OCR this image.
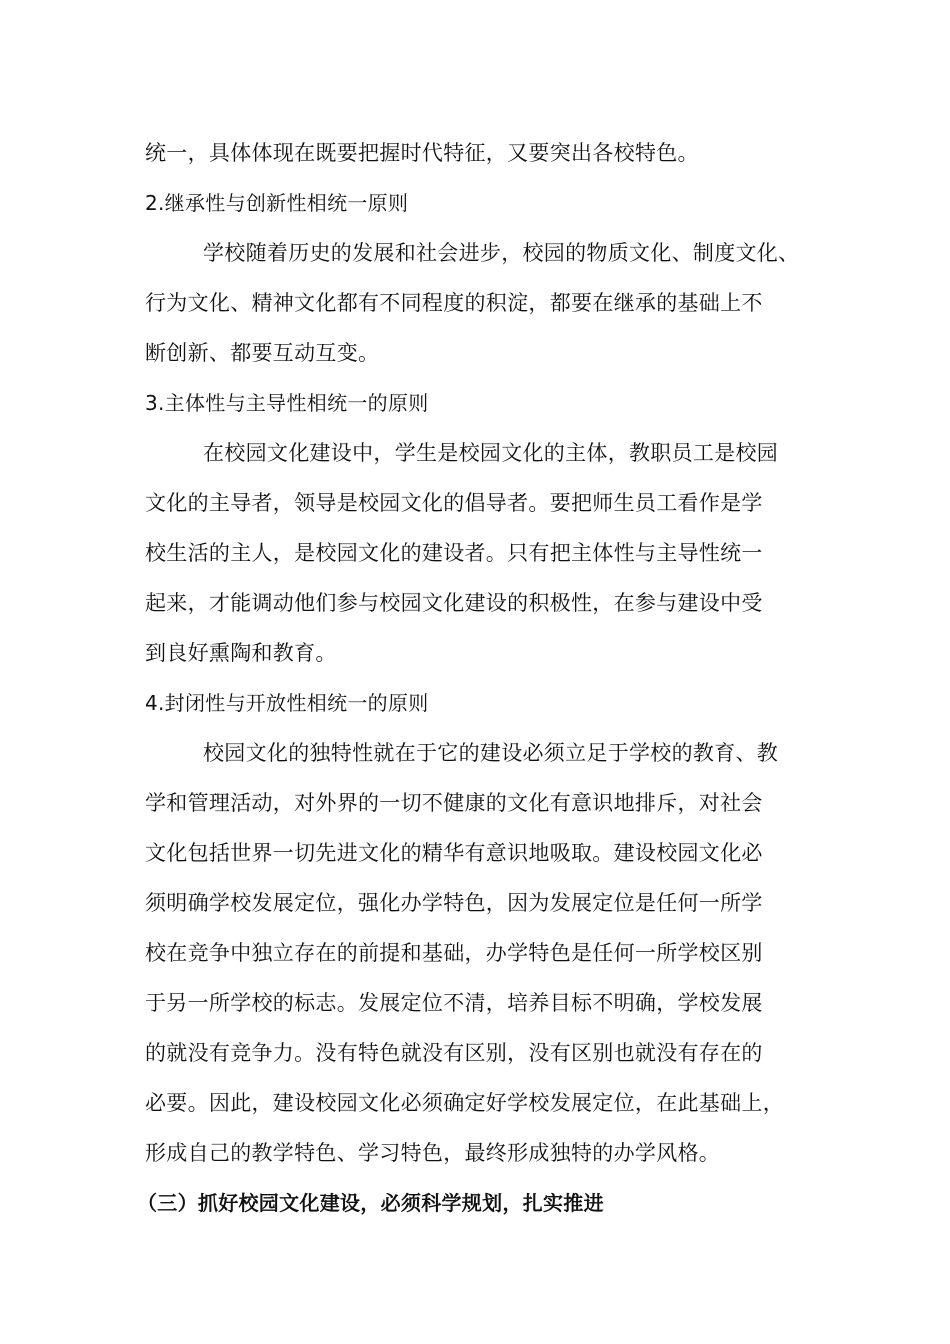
统一，具体体现在既要把握时代特征，又要突出各校特色。
2.继承性与创新性相统一原则
学校随着历史的发展和社会进步，校园的物质文化、制度文化、
行为文化、精神文化都有不同程度的积淀，都要在继承的基础上不
断创新、都要互动互变。
3.主体性与主导性相统一的原则
在校园文化建设中，学生是校园文化的主体，教职员工是校园
文化的主导者，领导是校园文化的倡导者。要把师生员工看作是学
校生活的主人，是校园文化的建设者。只有把主体性与主导性统一
起来，才能调动他们参与校园文化建设的积极性，在参与建设中受
到良好熏陶和教育。
4.封闭性与开放性相统一的原则
校园文化的独特性就在于它的建设必须立足于学校的教育、教
学和管理活动，对外界的一切不健康的文化有意识地排斥，对社会
文化包括世界一切先进文化的精华有意识地吸取。建设校园文化必
须明确学校发展定位，强化办学特色，因为发展定位是任何一所学
校在竞争中独立存在的前提和基础，办学特色是任何一所学校区别
于另一所学校的标志。发展定位不清，培养目标不明确，学校发展
的就没有竞争力。没有特色就没有区别，没有区别也就没有存在的
必要。因此，建设校园文化必须确定好学校发展定位，在此基础上，
形成自己的教学特色、学习特色，最终形成独特的办学风格。
（三）抓好校园文化建设，必须科学规划，扎实推进
